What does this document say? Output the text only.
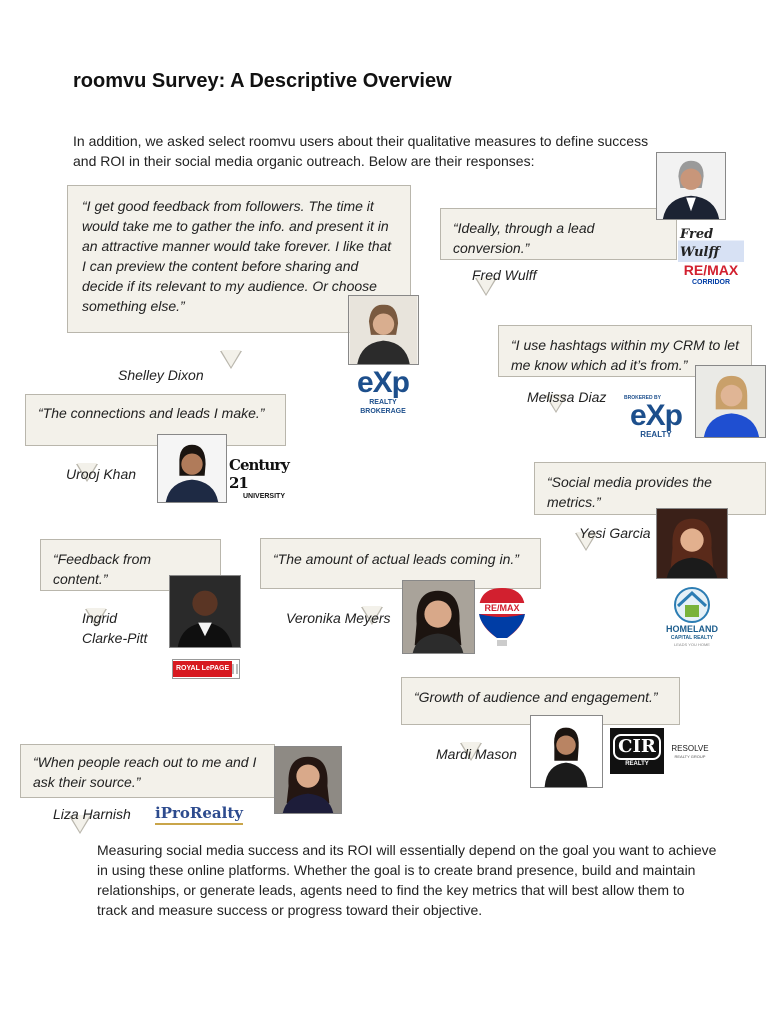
roomvu Survey: A Descriptive Overview
In addition, we asked select roomvu users about their qualitative measures to define success and ROI in their social media organic outreach. Below are their responses:
“I get good feedback from followers. The time it would take me to gather the info. and present it in an attractive manner would take forever. I like that I can preview the content before sharing and decide if its relevant to my audience. Or choose something else.”
Shelley Dixon	eXp
REALTY BROKERAGE
“Ideally, through a lead conversion.”
Fred Wulff
Fred Wulff
RE/MAX
CORRIDOR
“I use hashtags within my CRM to let me know which ad it’s from.”
Melissa Diaz	BROKERED BY
eXp
REALTY
“The connections and leads I make.”
Urooj Khan	Century 21
UNIVERSITY
“Social media provides the metrics.”
Yesi Garcia
HOMELAND
CAPITAL REALTY
LEADS YOU HOME
“Feedback from content.”
Ingrid
Clarke-Pitt
ROYAL LePAGE
“The amount of actual leads coming in.”
Veronika Meyers
RE/MAX
“Growth of audience and engagement.”
Mardi Mason	CIR
REALTY
RESOLVE
REALTY GROUP
“When people reach out to me and I ask their source.”
Liza Harnish iProRealty
Measuring social media success and its ROI will essentially depend on the goal you want to achieve in using these online platforms. Whether the goal is to create brand presence, build and maintain relationships, or generate leads, agents need to find the key metrics that will best allow them to track and measure success or progress toward their objective.
